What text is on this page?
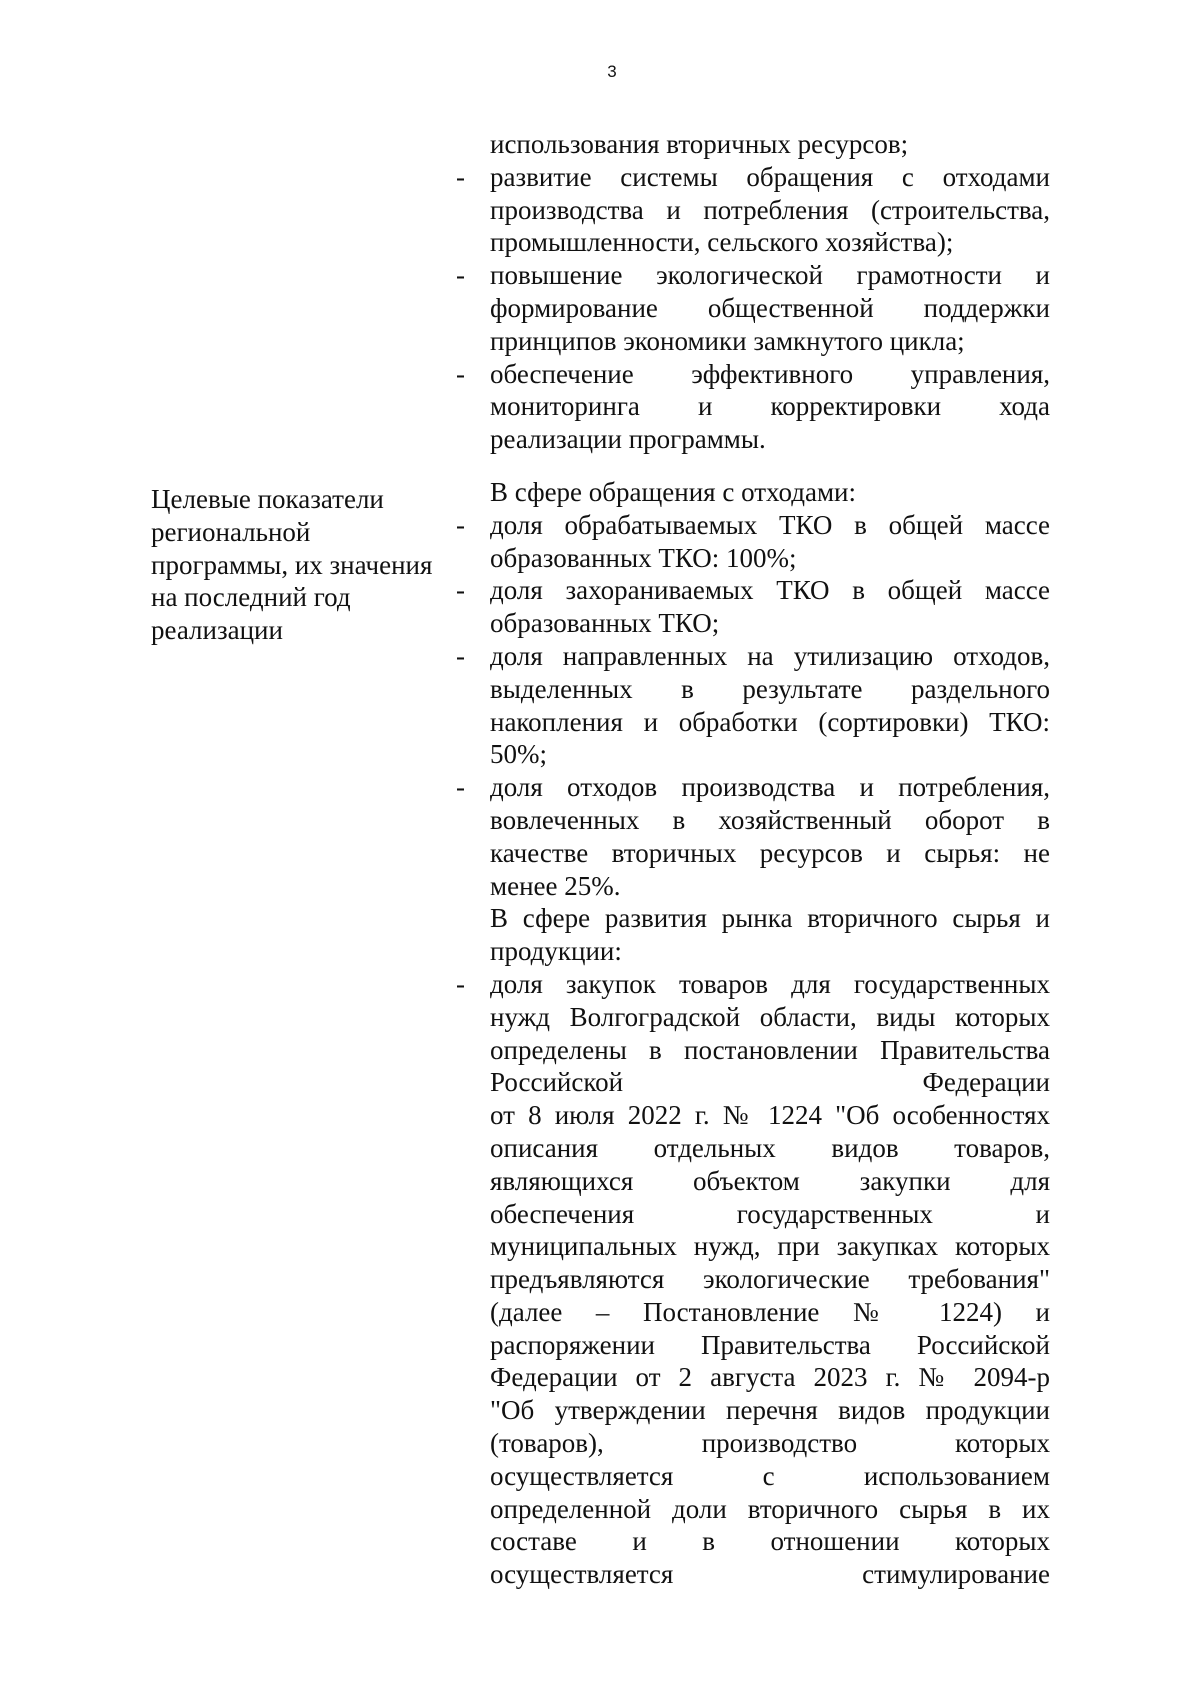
3
Целевые показатели
региональной
программы, их значения
на последний год
реализации
использования вторичных ресурсов;
- развитие системы обращения с отходами
производства и потребления (строительства,
промышленности, сельского хозяйства);
- повышение экологической грамотности и
формирование общественной поддержки
принципов экономики замкнутого цикла;
- обеспечение эффективного управления,
мониторинга и корректировки хода
реализации программы.
В сфере обращения с отходами:
- доля обрабатываемых ТКО в общей массе
образованных ТКО: 100%;
- доля захораниваемых ТКО в общей массе
образованных ТКО;
- доля направленных на утилизацию отходов,
выделенных в результате раздельного
накопления и обработки (сортировки) ТКО:
50%;
- доля отходов производства и потребления,
вовлеченных в хозяйственный оборот в
качестве вторичных ресурсов и сырья: не
менее 25%.
В сфере развития рынка вторичного сырья и
продукции:
- доля закупок товаров для государственных
нужд Волгоградской области, виды которых
определены в постановлении Правительства
Российской Федерации
от 8 июля 2022 г. № 1224 "Об особенностях
описания отдельных видов товаров,
являющихся объектом закупки для
обеспечения государственных и
муниципальных нужд, при закупках которых
предъявляются экологические требования"
(далее – Постановление № 1224) и
распоряжении Правительства Российской
Федерации от 2 августа 2023 г. № 2094-р
"Об утверждении перечня видов продукции
(товаров), производство которых
осуществляется с использованием
определенной доли вторичного сырья в их
составе и в отношении которых
осуществляется стимулирование
